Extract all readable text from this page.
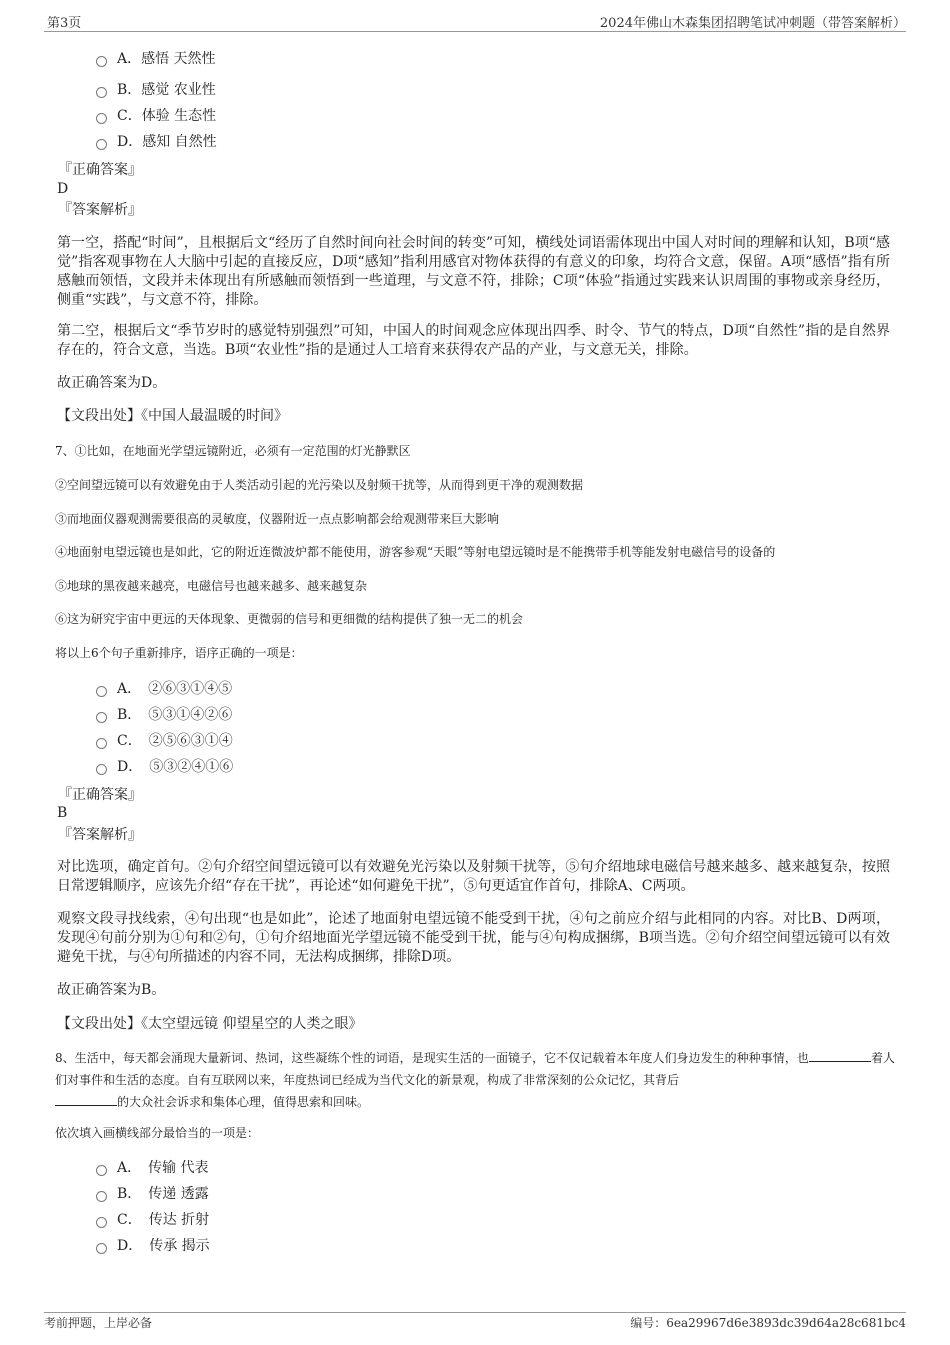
第3页	2024年佛山木森集团招聘笔试冲刺题（带答案解析）
A．感悟 天然性
B．感觉 农业性
C．体验 生态性
D．感知 自然性
『正确答案』
D
『答案解析』
第一空，搭配“时间”，且根据后文“经历了自然时间向社会时间的转变”可知，横线处词语需体现出中国人对时间的理解和认知，B项“感觉”指客观事物在人大脑中引起的直接反应，D项“感知”指利用感官对物体获得的有意义的印象，均符合文意，保留。A项“感悟”指有所感触而领悟，文段并未体现出有所感触而领悟到一些道理，与文意不符，排除；C项“体验”指通过实践来认识周围的事物或亲身经历，侧重“实践”，与文意不符，排除。
第二空，根据后文“季节岁时的感觉特别强烈”可知，中国人的时间观念应体现出四季、时令、节气的特点，D项“自然性”指的是自然界存在的，符合文意，当选。B项“农业性”指的是通过人工培育来获得农产品的产业，与文意无关，排除。
故正确答案为D。
【文段出处】《中国人最温暖的时间》
7、①比如，在地面光学望远镜附近，必须有一定范围的灯光静默区
②空间望远镜可以有效避免由于人类活动引起的光污染以及射频干扰等，从而得到更干净的观测数据
③而地面仪器观测需要很高的灵敏度，仪器附近一点点影响都会给观测带来巨大影响
④地面射电望远镜也是如此，它的附近连微波炉都不能使用，游客参观“天眼”等射电望远镜时是不能携带手机等能发射电磁信号的设备的
⑤地球的黑夜越来越亮，电磁信号也越来越多、越来越复杂
⑥这为研究宇宙中更远的天体现象、更微弱的信号和更细微的结构提供了独一无二的机会
将以上6个句子重新排序，语序正确的一项是：
A．　②⑥③①④⑤
B．　⑤③①④②⑥
C．　②⑤⑥③①④
D．　⑤③②④①⑥
『正确答案』
B
『答案解析』
对比选项，确定首句。②句介绍空间望远镜可以有效避免光污染以及射频干扰等，⑤句介绍地球电磁信号越来越多、越来越复杂，按照日常逻辑顺序，应该先介绍“存在干扰”，再论述“如何避免干扰”，⑤句更适宜作首句，排除A、C两项。
观察文段寻找线索，④句出现“也是如此”，论述了地面射电望远镜不能受到干扰，④句之前应介绍与此相同的内容。对比B、D两项，发现④句前分别为①句和②句，①句介绍地面光学望远镜不能受到干扰，能与④句构成捆绑，B项当选。②句介绍空间望远镜可以有效避免干扰，与④句所描述的内容不同，无法构成捆绑，排除D项。
故正确答案为B。
【文段出处】《太空望远镜 仰望星空的人类之眼》
8、生活中，每天都会涌现大量新词、热词，这些凝练个性的词语，是现实生活的一面镜子，它不仅记载着本年度人们身边发生的种种事情，也	着人们对事件和生活的态度。自有互联网以来，年度热词已经成为当代文化的新景观，构成了非常深刻的公众记忆，其背后
的大众社会诉求和集体心理，值得思索和回味。
依次填入画横线部分最恰当的一项是：
A．　传输 代表
B．　传递 透露
C．　传达 折射
D．　传承 揭示
考前押题，上岸必备	编号：6ea29967d6e3893dc39d64a28c681bc4
